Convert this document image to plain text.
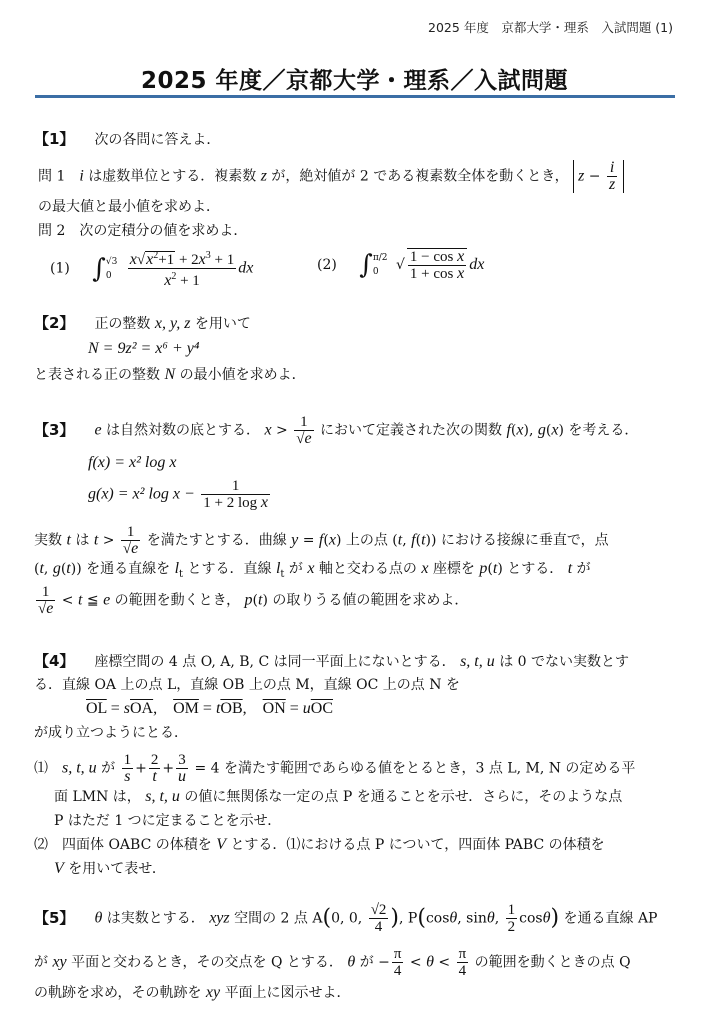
2025 年度　京都大学・理系　入試問題 (1)
2025 年度／京都大学・理系／入試問題
【1】 次の各問に答えよ．
問 1　 i は虚数単位とする．複素数 z が，絶対値が 2 である複素数全体を動くとき， $z - \frac{i}{z}$
の最大値と最小値を求めよ．
問 2　 次の定積分の値を求めよ．
(1) ∫ √3
0
	$\frac{x√x^2+1 + 2x^3 + 1}{x^2 + 1}$ dx	(2) ∫ π/2
0 √ $\frac{\text{1 − cos x}}{\text{1 + cos x}}$ dx
【2】 正の整数 x, y, z を用いて
N = 9z² = x⁶ + y⁴
と表される正の整数 N の最小値を求めよ．
【3】 e は自然対数の底とする． $x > \frac{1}{√e}$ において定義された次の関数 f(x), g(x) を考える．
f(x) = x² log x
g(x) = x² $\log x - \frac{1}{\text{1 + 2 log x}}$
実数 t は $t > \frac{1}{√e}$ を満たすとする．曲線 y = f(x) 上の点 (t, f(t)) における接線に垂直で，点
(t, g(t)) を通る直線を $l_t$ とする．直線 $l_t$ が x 軸と交わる点の x 座標を p(t) とする． t が
$\frac{1}{√e} < t$ ≦ e の範囲を動くとき， p(t) の取りうる値の範囲を求めよ．
【4】 座標空間の 4 点 O, A, B, C は同一平面上にないとする． s, t, u は 0 でない実数とす
る．直線 OA 上の点 L，直線 OB 上の点 M，直線 OC 上の点 N を
$\overline{OL} = s\overline{OA}$,　$\overline{OM} = t\overline{OB}$,　$\overline{ON} = u\overline{OC}$
が成り立つようにとる．
⑴　 s, t, u が $\frac{1}{s} + \frac{2}{t} + \frac{3}{u} = 4$ を満たす範囲であらゆる値をとるとき，3 点 L, M, N の定める平
面 LMN は， s, t, u の値に無関係な一定の点 P を通ることを示せ．さらに，そのような点
P はただ 1 つに定まることを示せ．
⑵　 四面体 OABC の体積を V とする．⑴における点 P について，四面体 PABC の体積を
V を用いて表せ．
【5】 θ は実数とする． xyz 空間の 2 点 A(0, 0, $\frac{√2}{4}$ ), P(cosθ, sinθ, $\frac{1}{2} \cos\theta$) を通る直線 AP
が xy 平面と交わるとき，その交点を Q とする． θ が − $\frac{\pi}{4} < \theta < \frac{\pi}{4}$ の範囲を動くときの点 Q
の軌跡を求め，その軌跡を xy 平面上に図示せよ．
